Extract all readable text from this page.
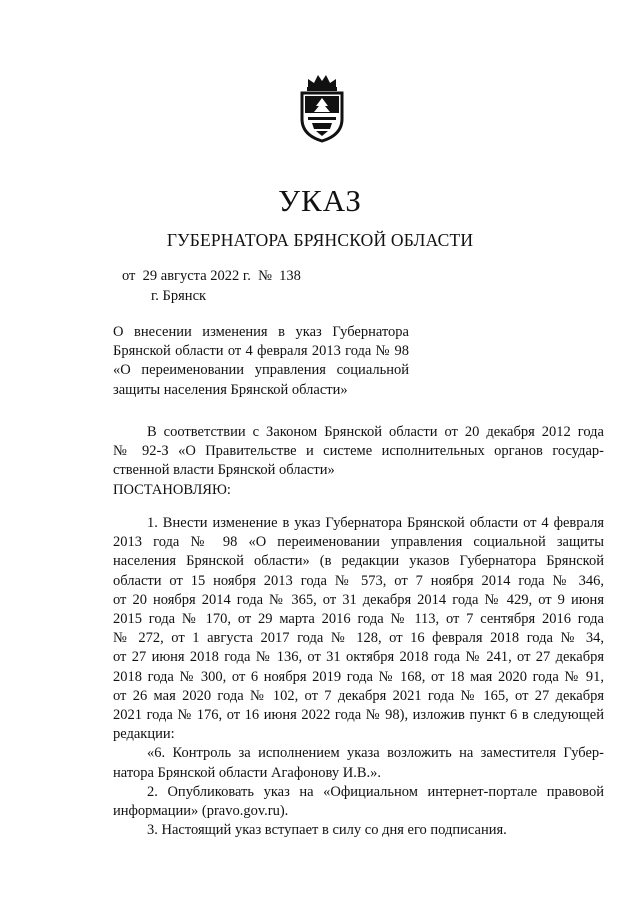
УКАЗ
ГУБЕРНАТОРА БРЯНСКОЙ ОБЛАСТИ
от  29 августа 2022 г.  №  138
г. Брянск
О внесении изменения в указ Губернатора
Брянской области от 4 февраля 2013 года № 98
«О переименовании управления социальной
защиты населения Брянской области»
В соответствии с Законом Брянской области от 20 декабря 2012 года
№ 92-З «О Правительстве и системе исполнительных органов государ-
ственной власти Брянской области»
ПОСТАНОВЛЯЮ:
1. Внести изменение в указ Губернатора Брянской области от 4 февраля
2013 года № 98 «О переименовании управления социальной защиты
населения Брянской области» (в редакции указов Губернатора Брянской
области от 15 ноября 2013 года № 573, от 7 ноября 2014 года № 346,
от 20 ноября 2014 года № 365, от 31 декабря 2014 года № 429, от 9 июня
2015 года № 170, от 29 марта 2016 года № 113, от 7 сентября 2016 года
№ 272, от 1 августа 2017 года № 128, от 16 февраля 2018 года № 34,
от 27 июня 2018 года № 136, от 31 октября 2018 года № 241, от 27 декабря
2018 года № 300, от 6 ноября 2019 года № 168, от 18 мая 2020 года № 91,
от 26 мая 2020 года № 102, от 7 декабря 2021 года № 165, от 27 декабря
2021 года № 176, от 16 июня 2022 года № 98), изложив пункт 6 в следующей
редакции:
«6. Контроль за исполнением указа возложить на заместителя Губер-
натора Брянской области Агафонову И.В.».
2. Опубликовать указ на «Официальном интернет-портале правовой
информации» (pravo.gov.ru).
3. Настоящий указ вступает в силу со дня его подписания.
